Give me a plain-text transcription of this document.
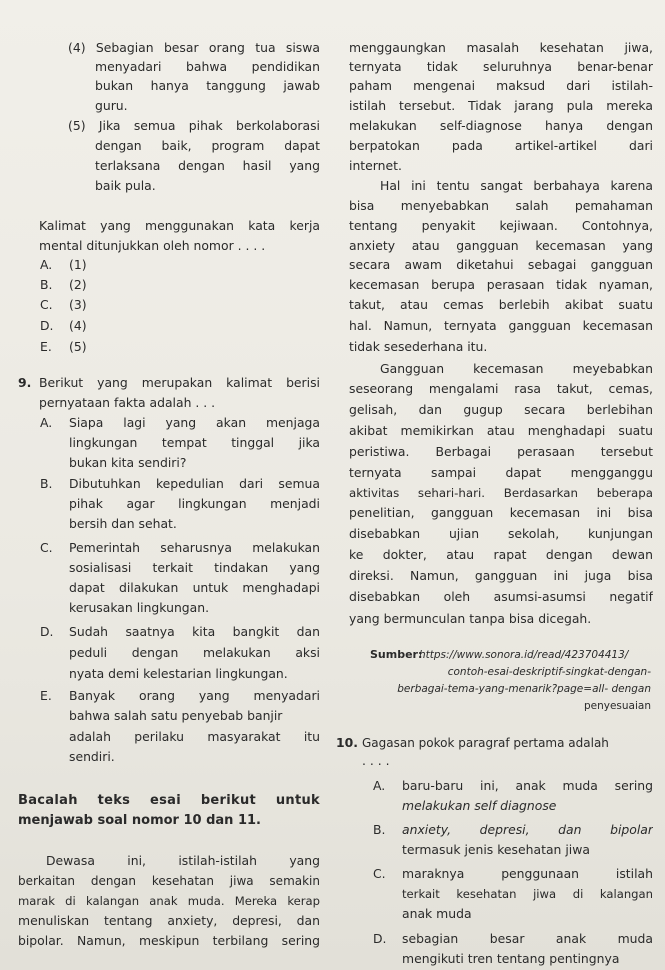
(4) Sebagian besar orang tua siswa
menyadari bahwa pendidikan
bukan hanya tanggung jawab
guru.
(5) Jika semua pihak berkolaborasi
dengan baik, program dapat
terlaksana dengan hasil yang
baik pula.
Kalimat yang menggunakan kata kerja
mental ditunjukkan oleh nomor . . . .
A. (1)
B. (2)
C. (3)
D. (4)
E. (5)
9. Berikut yang merupakan kalimat berisi
pernyataan fakta adalah . . .
A. Siapa lagi yang akan menjaga
lingkungan tempat tinggal jika
bukan kita sendiri?
B. Dibutuhkan kepedulian dari semua
pihak agar lingkungan menjadi
bersih dan sehat.
C. Pemerintah seharusnya melakukan
sosialisasi terkait tindakan yang
dapat dilakukan untuk menghadapi
kerusakan lingkungan.
D. Sudah saatnya kita bangkit dan
peduli dengan melakukan aksi
nyata demi kelestarian lingkungan.
E. Banyak orang yang menyadari
bahwa salah satu penyebab banjir
adalah perilaku masyarakat itu
sendiri.
Bacalah teks esai berikut untuk
menjawab soal nomor 10 dan 11.
Dewasa ini, istilah-istilah yang
berkaitan dengan kesehatan jiwa semakin
marak di kalangan anak muda. Mereka kerap
menuliskan tentang anxiety, depresi, dan
bipolar. Namun, meskipun terbilang sering
menggaungkan masalah kesehatan jiwa,
ternyata tidak seluruhnya benar-benar
paham mengenai maksud dari istilah-
istilah tersebut. Tidak jarang pula mereka
melakukan self-diagnose hanya dengan
berpatokan pada artikel-artikel dari
internet.
Hal ini tentu sangat berbahaya karena
bisa menyebabkan salah pemahaman
tentang penyakit kejiwaan. Contohnya,
anxiety atau gangguan kecemasan yang
secara awam diketahui sebagai gangguan
kecemasan berupa perasaan tidak nyaman,
takut, atau cemas berlebih akibat suatu
hal. Namun, ternyata gangguan kecemasan
tidak sesederhana itu.
Gangguan kecemasan meyebabkan
seseorang mengalami rasa takut, cemas,
gelisah, dan gugup secara berlebihan
akibat memikirkan atau menghadapi suatu
peristiwa. Berbagai perasaan tersebut
ternyata sampai dapat mengganggu
aktivitas sehari-hari. Berdasarkan beberapa
penelitian, gangguan kecemasan ini bisa
disebabkan ujian sekolah, kunjungan
ke dokter, atau rapat dengan dewan
direksi. Namun, gangguan ini juga bisa
disebabkan oleh asumsi-asumsi negatif
yang bermunculan tanpa bisa dicegah.
Sumber:
https://www.sonora.id/read/423704413/
contoh-esai-deskriptif-singkat-dengan-
berbagai-tema-yang-menarik?page=all- dengan
penyesuaian
10. Gagasan pokok paragraf pertama adalah
. . . .
A. baru-baru ini, anak muda sering
melakukan self diagnose
B. anxiety, depresi, dan bipolar
termasuk jenis kesehatan jiwa
C. maraknya penggunaan istilah
terkait kesehatan jiwa di kalangan
anak muda
D. sebagian besar anak muda
mengikuti tren tentang pentingnya
